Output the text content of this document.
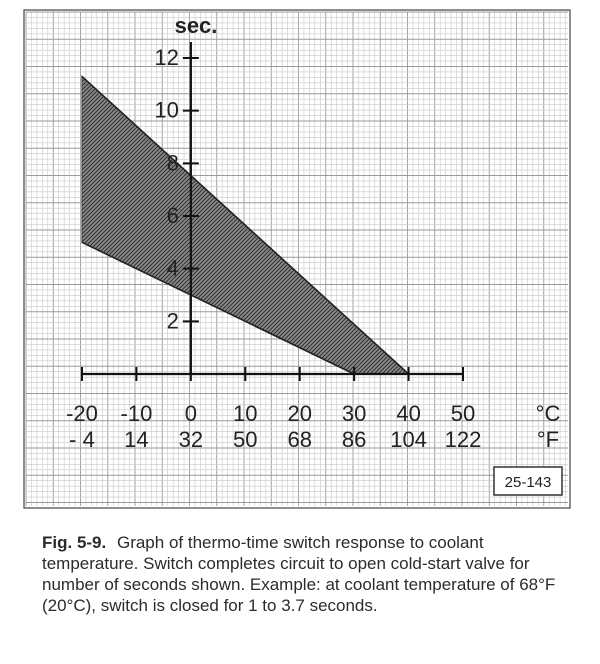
-20
- 4
-10
14
0
32
10
50
20
68
30
86
40
104
50
122
2
4
6
8
10
12
sec.
°C
°F
25-143
Fig. 5-9. Graph of thermo-time switch response to coolant temperature. Switch completes circuit to open cold-start valve for number of seconds shown. Example: at coolant temperature of 68°F (20°C), switch is closed for 1 to 3.7 seconds.
